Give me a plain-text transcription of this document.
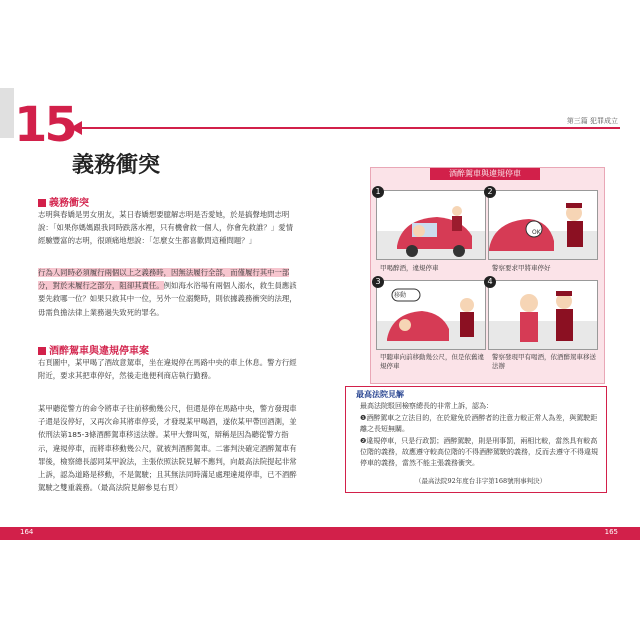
15	第三篇 犯罪成立
義務衝突
義務衝突
志明與春嬌是男女朋友，某日春嬌想要臆解志明是否愛她，於是搞聲地問志明說：「如果你媽媽跟我同時跌落水裡，只有機會救一個人，你會先救誰？」愛情經驗豐富的志明，很頭痛地想說：「怎麼女生都喜歡問這種問題？」
行為人同時必須履行兩個以上之義務時，因無法履行全部，而僅履行其中一部分，對於未履行之部分，阻卻其責任。例如海水浴場有兩個人溺水，救生員應該要先救哪一位？如果只救其中一位，另外一位溺斃時，則依據義務衝突的法理，毋需負擔法律上業務過失致死的罪名。
酒醉駕車與違規停車案
右頁圖中，某甲喝了酒故意駕車，坐在違規停在馬路中央的車上休息。警方行經附近，要求其把車停好，然後走進便利商店執行勤務。
某甲聽從警方的命令將車子往前移動幾公尺，但還是停在馬路中央，警方發現車子還是沒停好，又再次命其將車停妥，才發現某甲喝酒，遂依某甲帶回酒測，並依刑法第185-3條酒醉駕車移送法辦。某甲大聲叫冤，辯稱是因為聽從警方指示，違規停車，而將車移動幾公尺，就被判酒醉駕車。二審判決確定酒醉駕車有罪後，檢察總長認同某甲說法，主張依照法院見解不應判，向最高法院提起非常上訴，認為道路是移動，不是駕駛；且其無法同時滿足處理違規停車，已不酒醉駕駛之雙重義務。（最高法院見解參見右頁）
酒醉駕車與違規停車
1
甲喝醉酒，違規停車
2
OK
警察要求甲將車停好
3
移動
甲聽車向前移動幾公尺，但是依舊違規停車
4
警察發現甲有喝酒，依酒醉駕車移送法辦
最高法院見解
最高法院駁回檢察總長的非常上訴，認為：
❶酒醉駕車之立法目的，在於避免於酒醉者的注意力較正常人為差，與駕駛距離之長短無關。
❷違規停車，只是行政罰；酒醉駕駛，則是刑事罰，兩相比較，當然具有較高位階的義務，故應遵守較高位階的不得酒醉駕駛的義務，反而去遵守不得違規停車的義務，當然不能主張義務衝突。
（最高法院92年度台非字第168號刑事判決）
164	165
